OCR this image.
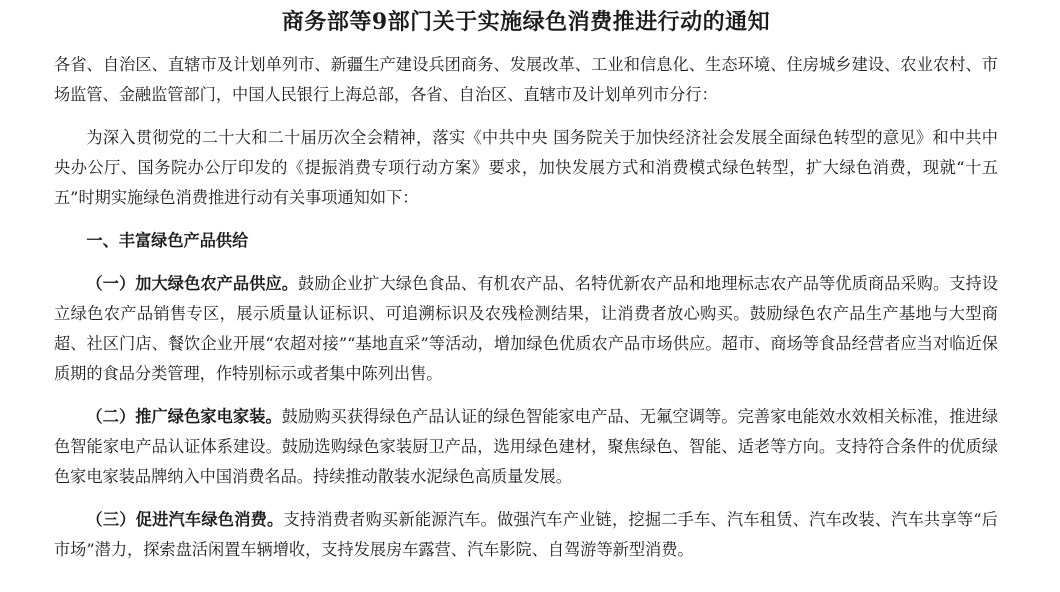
商务部等9部门关于实施绿色消费推进行动的通知

各省、自治区、直辖市及计划单列市、新疆生产建设兵团商务、发展改革、工业和信息化、生态环境、住房城乡建设、农业农村、市场监管、金融监管部门，中国人民银行上海总部，各省、自治区、直辖市及计划单列市分行：

为深入贯彻党的二十大和二十届历次全会精神，落实《中共中央 国务院关于加快经济社会发展全面绿色转型的意见》和中共中央办公厅、国务院办公厅印发的《提振消费专项行动方案》要求，加快发展方式和消费模式绿色转型，扩大绿色消费，现就“十五五”时期实施绿色消费推进行动有关事项通知如下：

一、丰富绿色产品供给

（一）加大绿色农产品供应。鼓励企业扩大绿色食品、有机农产品、名特优新农产品和地理标志农产品等优质商品采购。支持设立绿色农产品销售专区，展示质量认证标识、可追溯标识及农残检测结果，让消费者放心购买。鼓励绿色农产品生产基地与大型商超、社区门店、餐饮企业开展“农超对接”“基地直采”等活动，增加绿色优质农产品市场供应。超市、商场等食品经营者应当对临近保质期的食品分类管理，作特别标示或者集中陈列出售。

（二）推广绿色家电家装。鼓励购买获得绿色产品认证的绿色智能家电产品、无氟空调等。完善家电能效水效相关标准，推进绿色智能家电产品认证体系建设。鼓励选购绿色家装厨卫产品，选用绿色建材，聚焦绿色、智能、适老等方向。支持符合条件的优质绿色家电家装品牌纳入中国消费名品。持续推动散装水泥绿色高质量发展。

（三）促进汽车绿色消费。支持消费者购买新能源汽车。做强汽车产业链，挖掘二手车、汽车租赁、汽车改装、汽车共享等“后市场”潜力，探索盘活闲置车辆增收，支持发展房车露营、汽车影院、自驾游等新型消费。
